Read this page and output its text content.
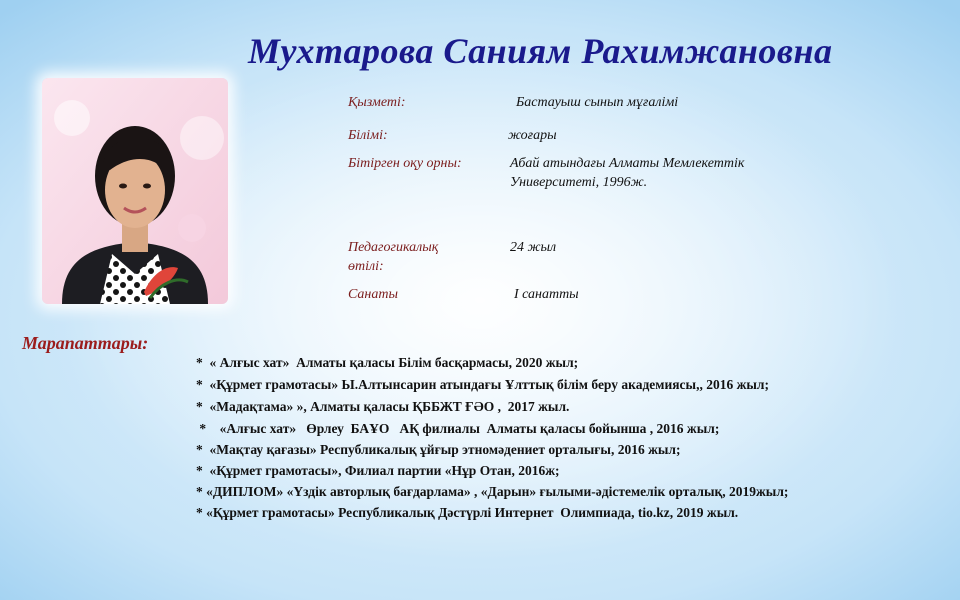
Мухтарова Саниям Рахимжановна
Қызметі:	Бастауыш сынып мұғалімі
Білімі:	жоғары
Бітірген оқу орны:	Абай атындағы Алматы Мемлекеттік
Университеті, 1996ж.
Педагогикалық
өтілі:
24 жыл
Санаты	І санатты
Марапаттары:
*  « Алғыс хат»  Алматы қаласы Білім басқармасы, 2020 жыл;
*  «Құрмет грамотасы» Ы.Алтынсарин атындағы Ұлттық білім беру академиясы,, 2016 жыл;
*  «Мадақтама» », Алматы қаласы ҚББЖТ ҒӘО ,  2017 жыл.
*    «Алғыс хат»   Өрлеу  БАҰО   АҚ филиалы  Алматы қаласы бойынша , 2016 жыл;
*  «Мақтау қағазы» Республикалық ұйғыр этномәдениет орталығы, 2016 жыл;
*  «Құрмет грамотасы», Филиал партии «Нұр Отан, 2016ж;
* «ДИПЛОМ» «Үздік авторлық бағдарлама» , «Дарын» ғылыми-әдістемелік орталық, 2019жыл;
* «Құрмет грамотасы» Республикалық Дәстүрлі Интернет  Олимпиада, tio.kz, 2019 жыл.
